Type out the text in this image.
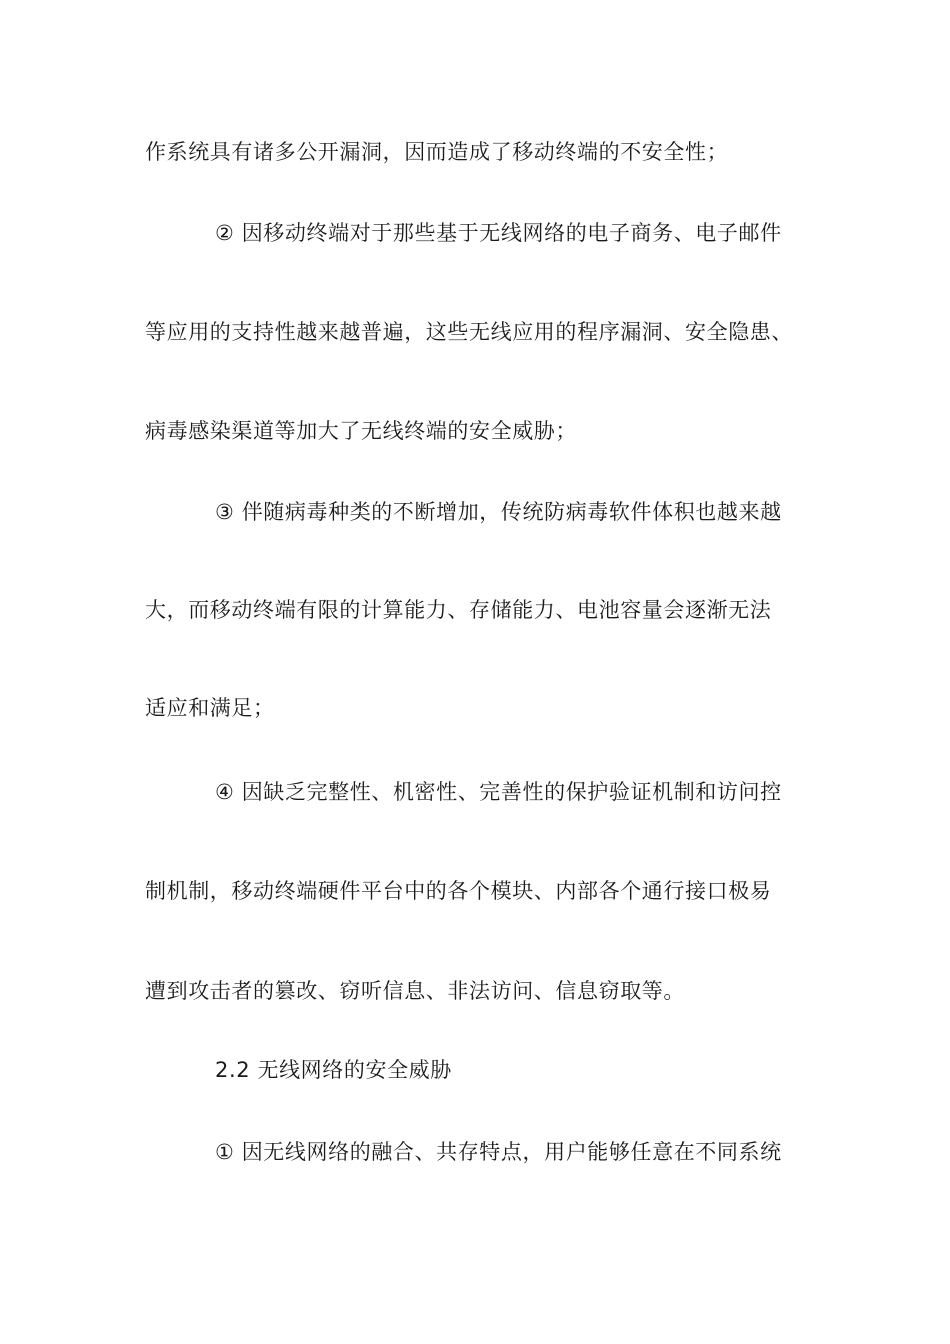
作系统具有诸多公开漏洞，因而造成了移动终端的不安全性；
② 因移动终端对于那些基于无线网络的电子商务、电子邮件
等应用的支持性越来越普遍，这些无线应用的程序漏洞、安全隐患、
病毒感染渠道等加大了无线终端的安全威胁；
③ 伴随病毒种类的不断增加，传统防病毒软件体积也越来越
大，而移动终端有限的计算能力、存储能力、电池容量会逐渐无法
适应和满足；
④ 因缺乏完整性、机密性、完善性的保护验证机制和访问控
制机制，移动终端硬件平台中的各个模块、内部各个通行接口极易
遭到攻击者的篡改、窃听信息、非法访问、信息窃取等。
2.2 无线网络的安全威胁
① 因无线网络的融合、共存特点，用户能够任意在不同系统
